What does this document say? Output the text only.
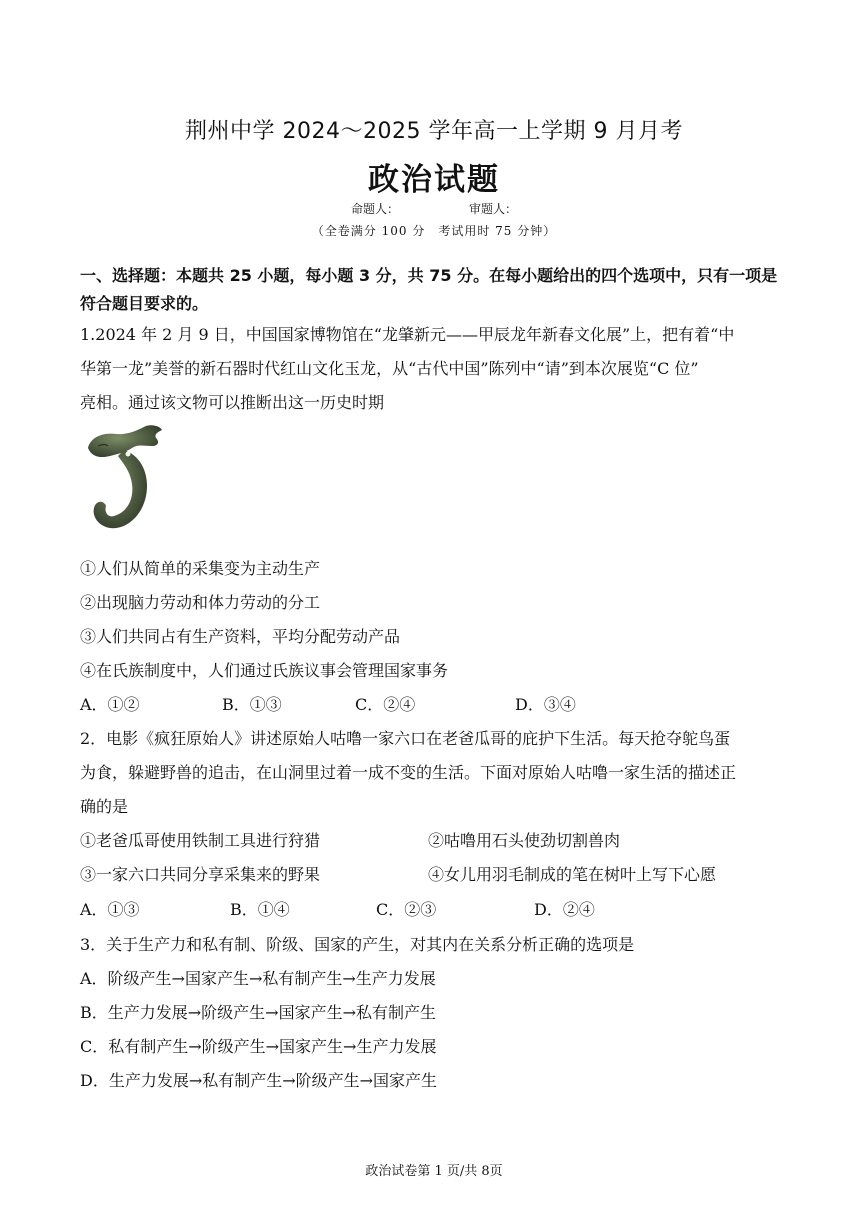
荆州中学 2024～2025 学年高一上学期 9 月月考
政治试题
命题人：	审题人：
（全卷满分 100 分　考试用时 75 分钟）
一、选择题：本题共 25 小题，每小题 3 分，共 75 分。在每小题给出的四个选项中，只有一项是符合题目要求的。
1.2024 年 2 月 9 日，中国国家博物馆在“龙肇新元——甲辰龙年新春文化展”上，把有着“中
华第一龙”美誉的新石器时代红山文化玉龙，从“古代中国”陈列中“请”到本次展览“C 位”
亮相。通过该文物可以推断出这一历史时期
①人们从简单的采集变为主动生产
②出现脑力劳动和体力劳动的分工
③人们共同占有生产资料，平均分配劳动产品
④在氏族制度中，人们通过氏族议事会管理国家事务
A．①②	B．①③	C．②④	D．③④
2．电影《疯狂原始人》讲述原始人咕噜一家六口在老爸瓜哥的庇护下生活。每天抢夺鸵鸟蛋
为食，躲避野兽的追击，在山洞里过着一成不变的生活。下面对原始人咕噜一家生活的描述正
确的是
①老爸瓜哥使用铁制工具进行狩猎	②咕噜用石头使劲切割兽肉
③一家六口共同分享采集来的野果	④女儿用羽毛制成的笔在树叶上写下心愿
A．①③	B．①④	C．②③	D．②④
3．关于生产力和私有制、阶级、国家的产生，对其内在关系分析正确的选项是
A．阶级产生→国家产生→私有制产生→生产力发展
B．生产力发展→阶级产生→国家产生→私有制产生
C．私有制产生→阶级产生→国家产生→生产力发展
D．生产力发展→私有制产生→阶级产生→国家产生
政治试卷第 1 页/共 8页
